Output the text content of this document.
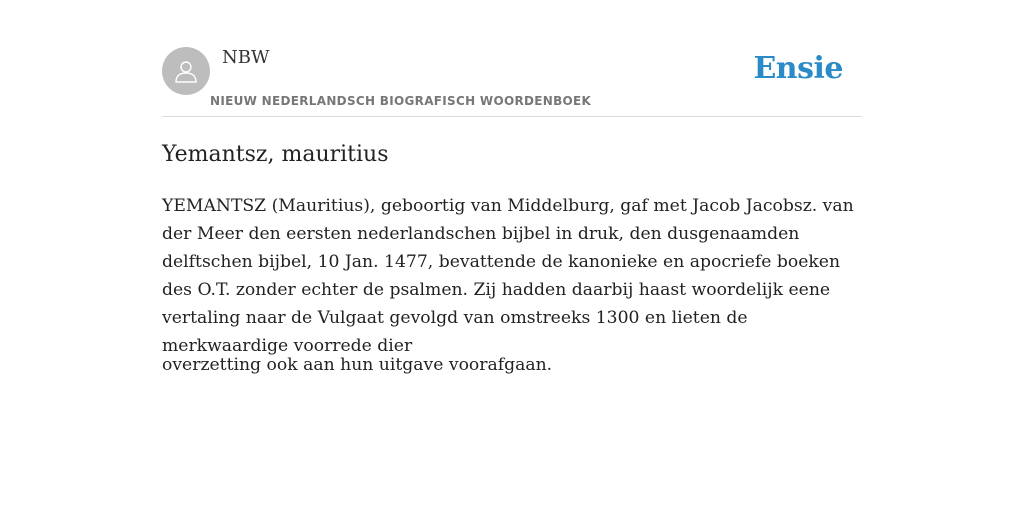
NBW
NIEUW NEDERLANDSCH BIOGRAFISCH WOORDENBOEK
Ensie
Yemantsz, mauritius

YEMANTSZ (Mauritius), geboortig van Middelburg, gaf met Jacob Jacobsz. van der Meer den eersten nederlandschen bijbel in druk, den dusgenaamden delftschen bijbel, 10 Jan. 1477, bevattende de kanonieke en apocriefe boeken des O.T. zonder echter de psalmen. Zij hadden daarbij haast woordelijk eene vertaling naar de Vulgaat gevolgd van omstreeks 1300 en lieten de merkwaardige voorrede dier

overzetting ook aan hun uitgave voorafgaan.
